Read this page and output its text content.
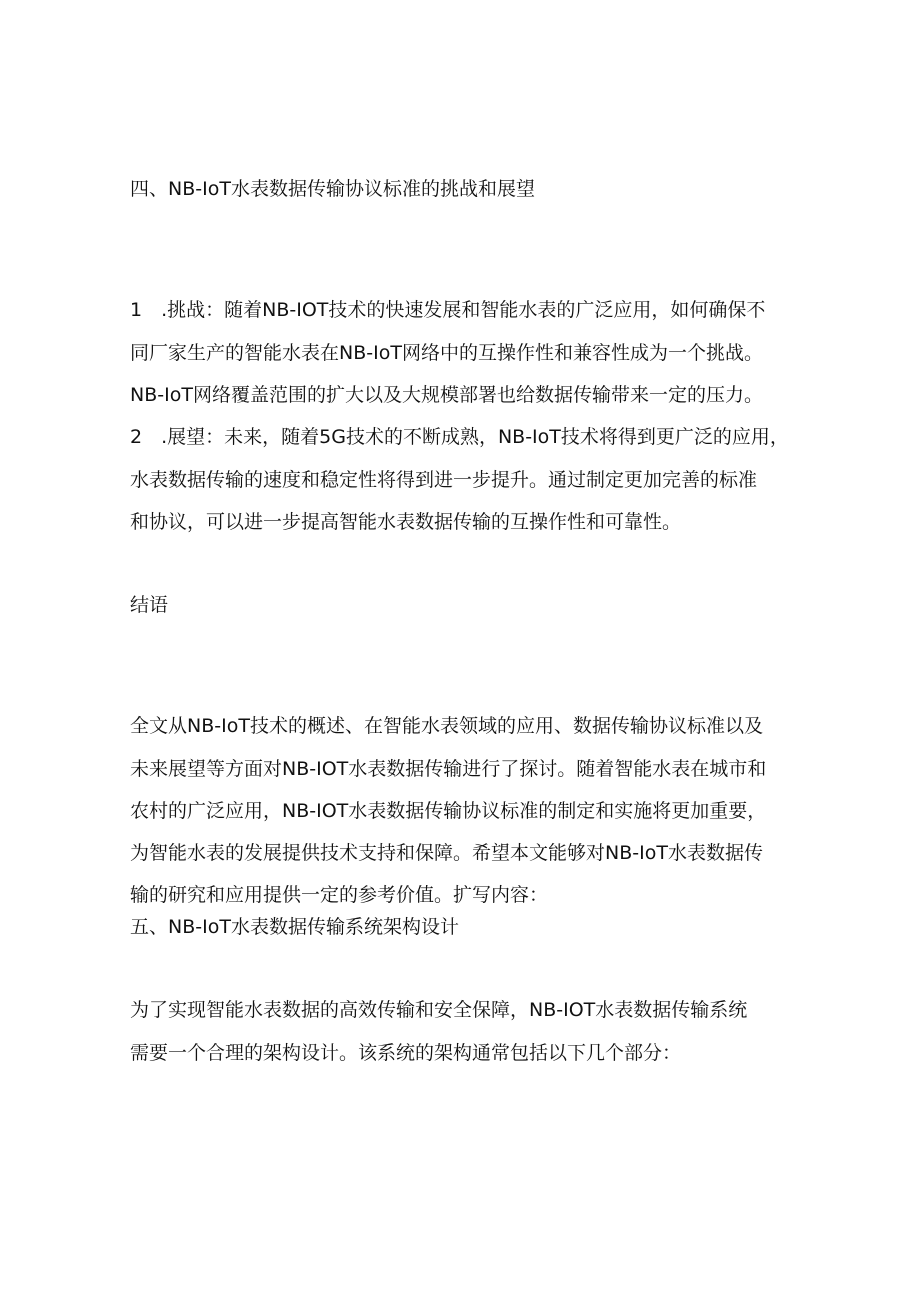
四、NB-IoT水表数据传输协议标准的挑战和展望
1　.挑战：随着NB-IOT技术的快速发展和智能水表的广泛应用，如何确保不
同厂家生产的智能水表在NB-IoT网络中的互操作性和兼容性成为一个挑战。
NB-IoT网络覆盖范围的扩大以及大规模部署也给数据传输带来一定的压力。
2　.展望：未来，随着5G技术的不断成熟，NB-IoT技术将得到更广泛的应用，
水表数据传输的速度和稳定性将得到进一步提升。通过制定更加完善的标准
和协议，可以进一步提高智能水表数据传输的互操作性和可靠性。
结语
全文从NB-IoT技术的概述、在智能水表领域的应用、数据传输协议标准以及
未来展望等方面对NB-IOT水表数据传输进行了探讨。随着智能水表在城市和
农村的广泛应用，NB-IOT水表数据传输协议标准的制定和实施将更加重要，
为智能水表的发展提供技术支持和保障。希望本文能够对NB-IoT水表数据传
输的研究和应用提供一定的参考价值。扩写内容：
五、NB-IoT水表数据传输系统架构设计
为了实现智能水表数据的高效传输和安全保障，NB-IOT水表数据传输系统
需要一个合理的架构设计。该系统的架构通常包括以下几个部分：
